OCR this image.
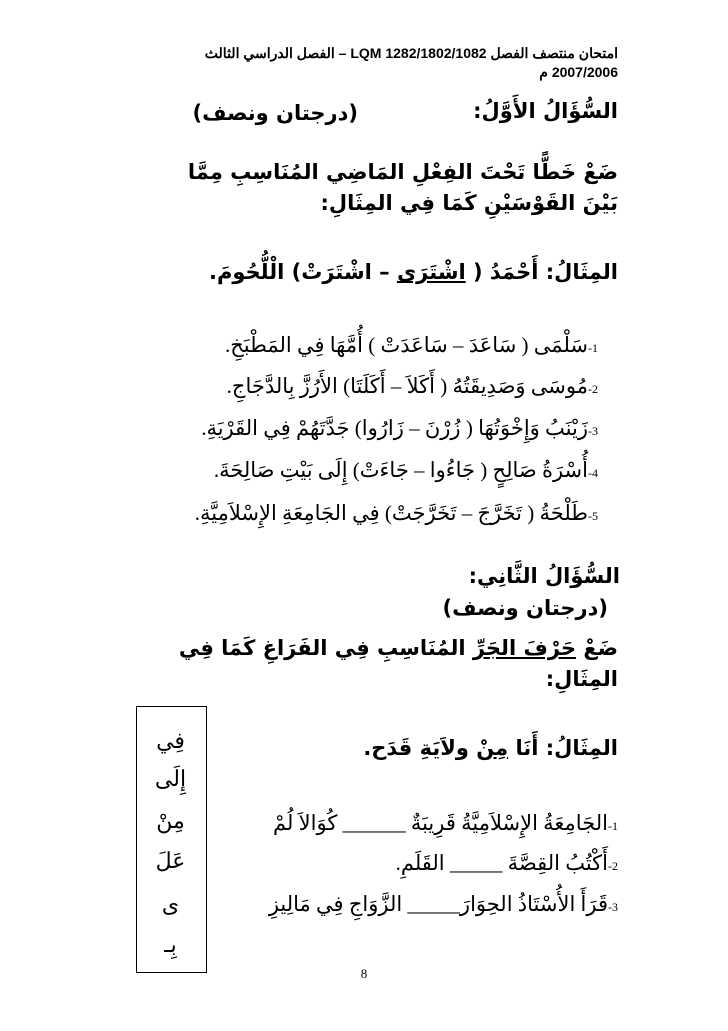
امتحان منتصف الفصل LQM 1282/1802/1082 – الفصل الدراسي الثالث
2007/2006 م
السُّؤَالُ الأَوَّلُ:
(درجتان ونصف)
ضَعْ خَطًّا تَحْتَ الفِعْلِ المَاضِي المُنَاسِبِ مِمَّا
بَيْنَ القَوْسَيْنِ كَمَا فِي المِثَالِ:
المِثَالُ: أَحْمَدُ ( اشْتَرَى – اشْتَرَتْ) الْلُّحُومَ.
1-سَلْمَى ( سَاعَدَ – سَاعَدَتْ ) أُمَّهَا فِي المَطْبَخِ.
2-مُوسَى وَصَدِيقَتُهُ ( أَكَلاَ – أَكَلَتَا) الأَرُزَّ بِالدَّجَاجِ.
3-زَيْنَبُ وَإِخْوَتُهَا ( زُرْنَ – زَارُوا) جَدَّتَهُمْ فِي القَرْيَةِ.
4-أُسْرَةُ صَالِحٍ ( جَاءُوا – جَاءَتْ) إِلَى بَيْتِ صَالِحَةَ.
5-طَلْحَةُ ( تَخَرَّجَ – تَخَرَّجَتْ) فِي الجَامِعَةِ الإِسْلاَمِيَّةِ.
السُّؤَالُ الثَّانِي:
(درجتان ونصف)
ضَعْ حَرْفَ الجَرِّ المُنَاسِبِ فِي الفَرَاغِ كَمَا فِي
المِثَالِ:
المِثَالُ: أَنَا مِنْ ولاَيَةِ قَدَح.
1-الجَامِعَةُ الإِسْلاَمِيَّةُ قَرِيبَةٌ ______ كُوَالاَ لُمْ
2-أَكْتُبُ القِصَّةَ _____ القَلَمِ.
3-قَرَأَ الأُسْتَاذُ الحِوَارَ_____ الزَّوَاجِ فِي مَالِيزِ
فِي
إِلَى
مِنْ
عَلَ
ى
بِـ
8
